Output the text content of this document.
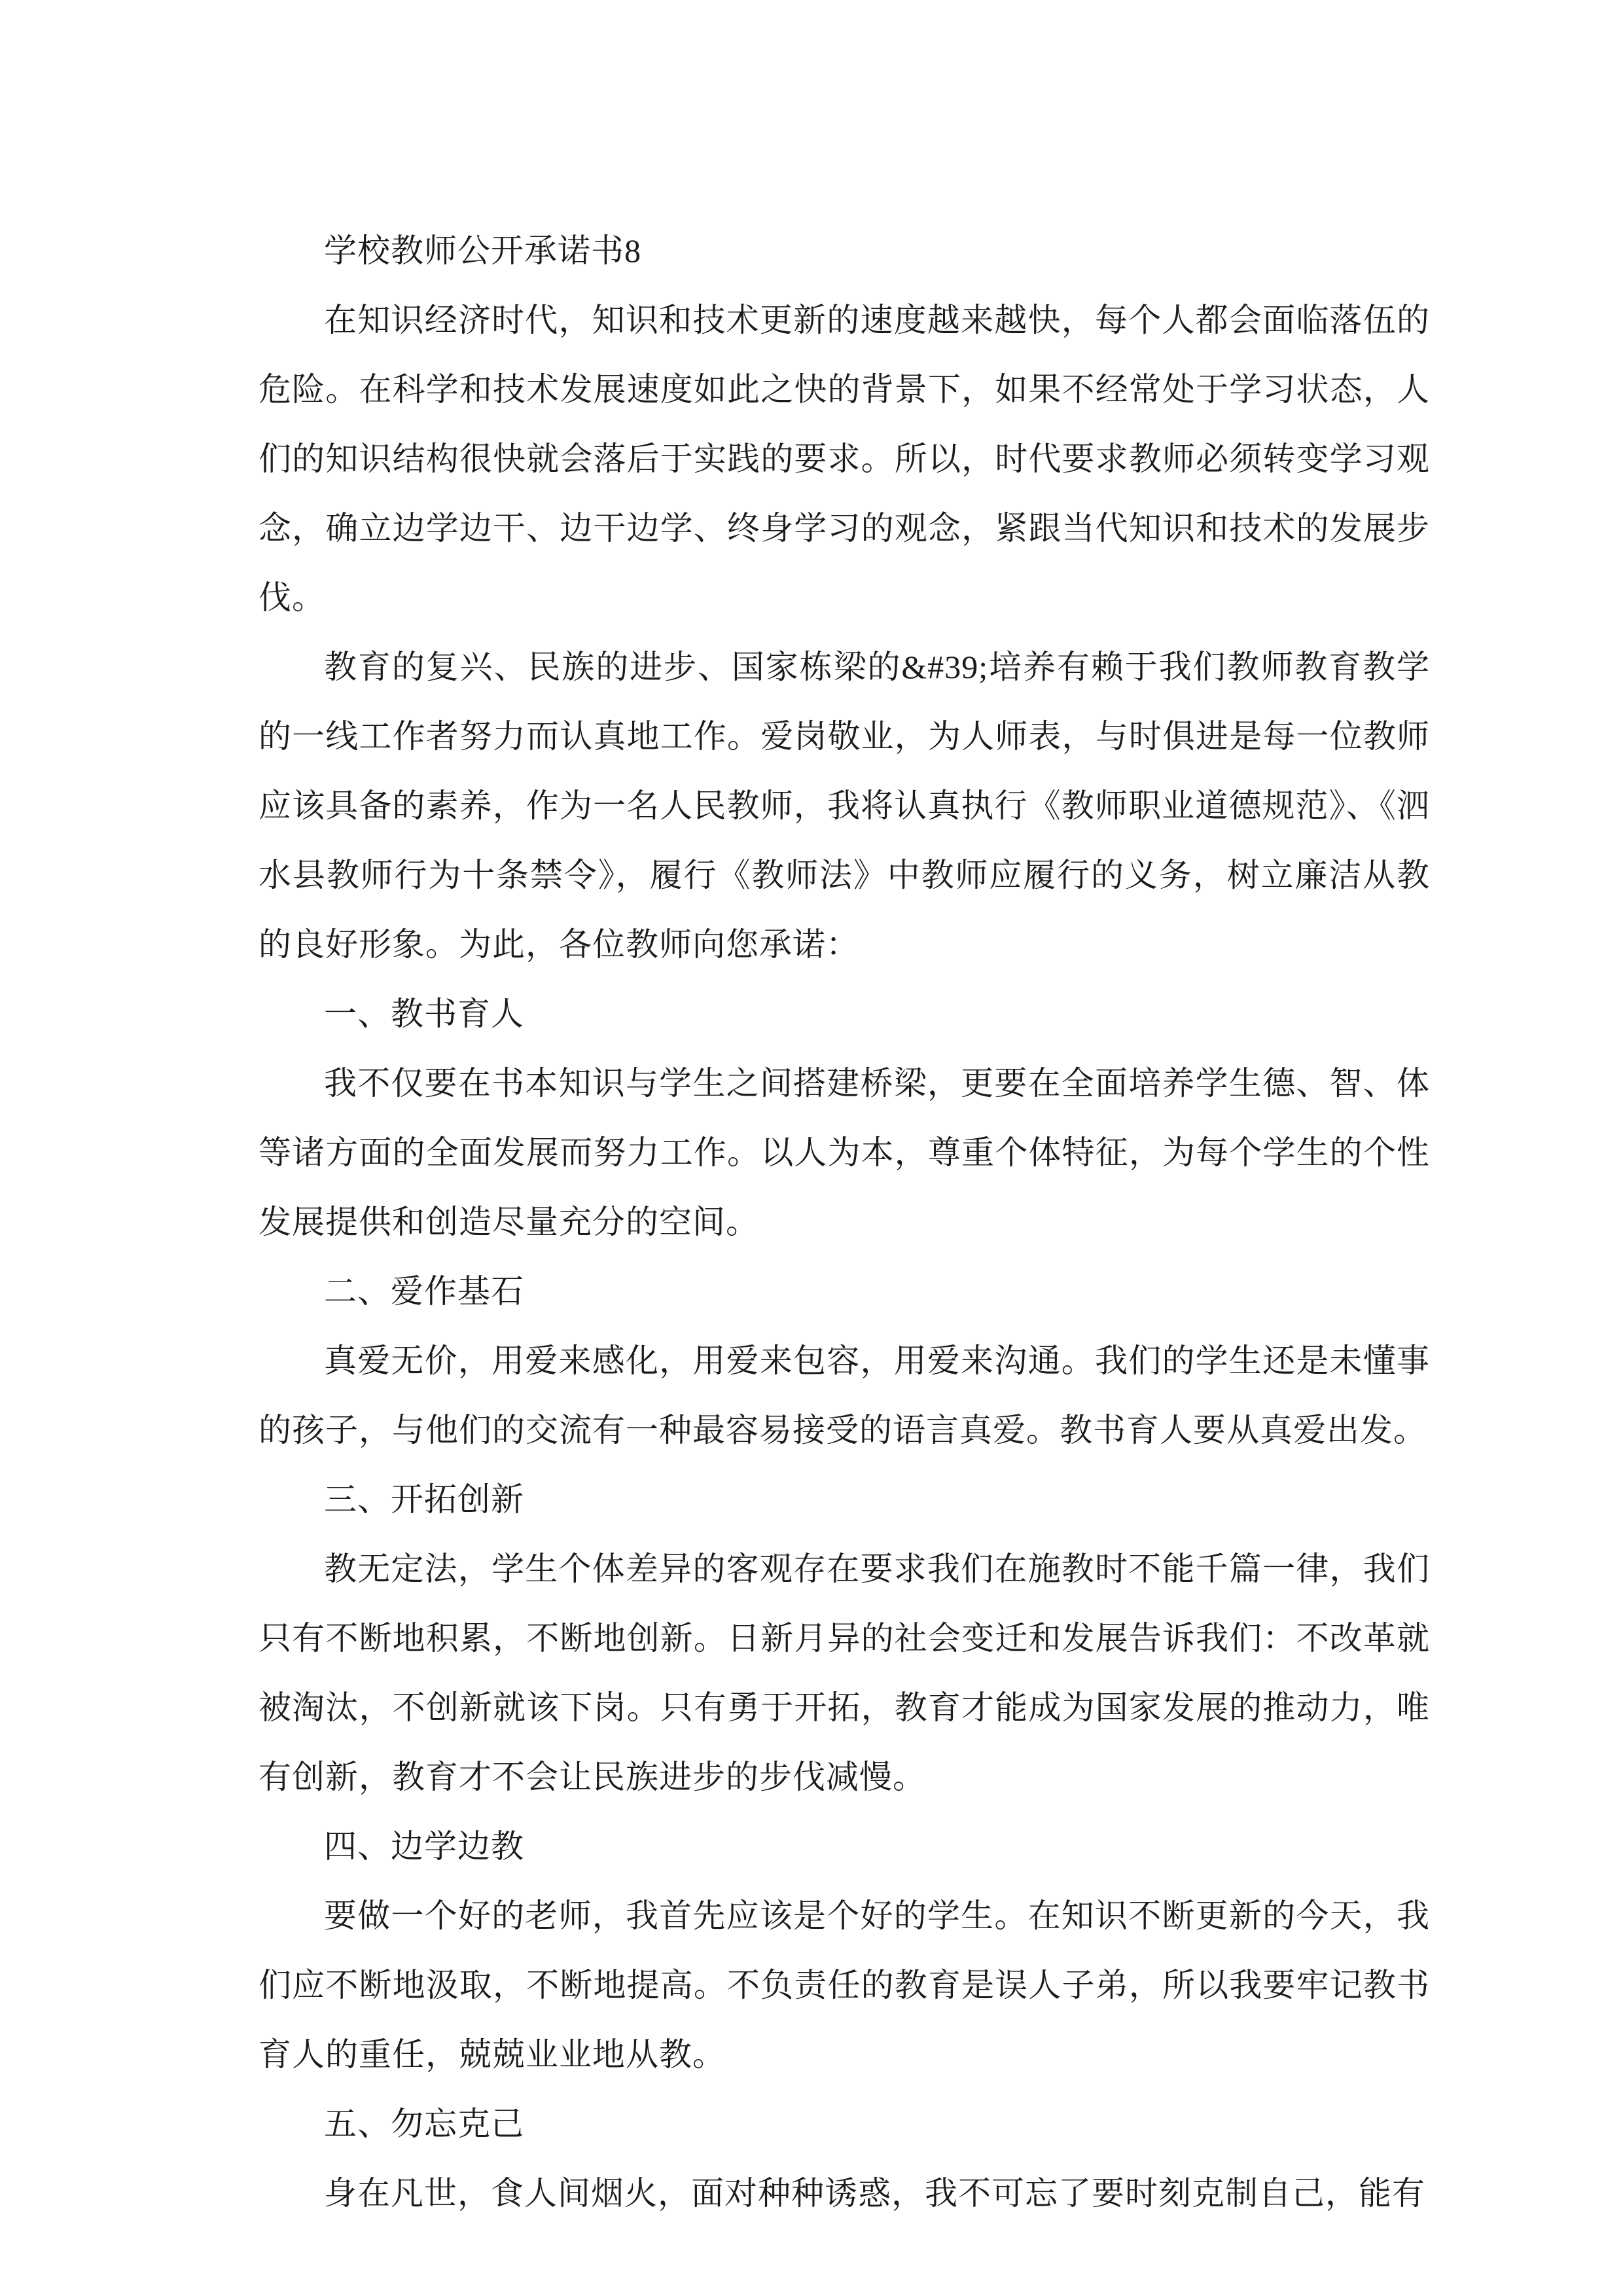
学校教师公开承诺书8

在知识经济时代，知识和技术更新的速度越来越快，每个人都会面临落伍的危险。在科学和技术发展速度如此之快的背景下，如果不经常处于学习状态，人们的知识结构很快就会落后于实践的要求。所以，时代要求教师必须转变学习观念，确立边学边干、边干边学、终身学习的观念，紧跟当代知识和技术的发展步伐。

教育的复兴、民族的进步、国家栋梁的&#39;培养有赖于我们教师教育教学的一线工作者努力而认真地工作。爱岗敬业，为人师表，与时俱进是每一位教师应该具备的素养，作为一名人民教师，我将认真执行《教师职业道德规范》、《泗水县教师行为十条禁令》，履行《教师法》中教师应履行的义务，树立廉洁从教的良好形象。为此，各位教师向您承诺：

一、教书育人

我不仅要在书本知识与学生之间搭建桥梁，更要在全面培养学生德、智、体等诸方面的全面发展而努力工作。以人为本，尊重个体特征，为每个学生的个性发展提供和创造尽量充分的空间。

二、爱作基石

真爱无价，用爱来感化，用爱来包容，用爱来沟通。我们的学生还是未懂事的孩子，与他们的交流有一种最容易接受的语言真爱。教书育人要从真爱出发。

三、开拓创新

教无定法，学生个体差异的客观存在要求我们在施教时不能千篇一律，我们只有不断地积累，不断地创新。日新月异的社会变迁和发展告诉我们：不改革就被淘汰，不创新就该下岗。只有勇于开拓，教育才能成为国家发展的推动力，唯有创新，教育才不会让民族进步的步伐减慢。

四、边学边教

要做一个好的老师，我首先应该是个好的学生。在知识不断更新的今天，我们应不断地汲取，不断地提高。不负责任的教育是误人子弟，所以我要牢记教书育人的重任，兢兢业业地从教。

五、勿忘克己

身在凡世，食人间烟火，面对种种诱惑，我不可忘了要时刻克制自己，能有
